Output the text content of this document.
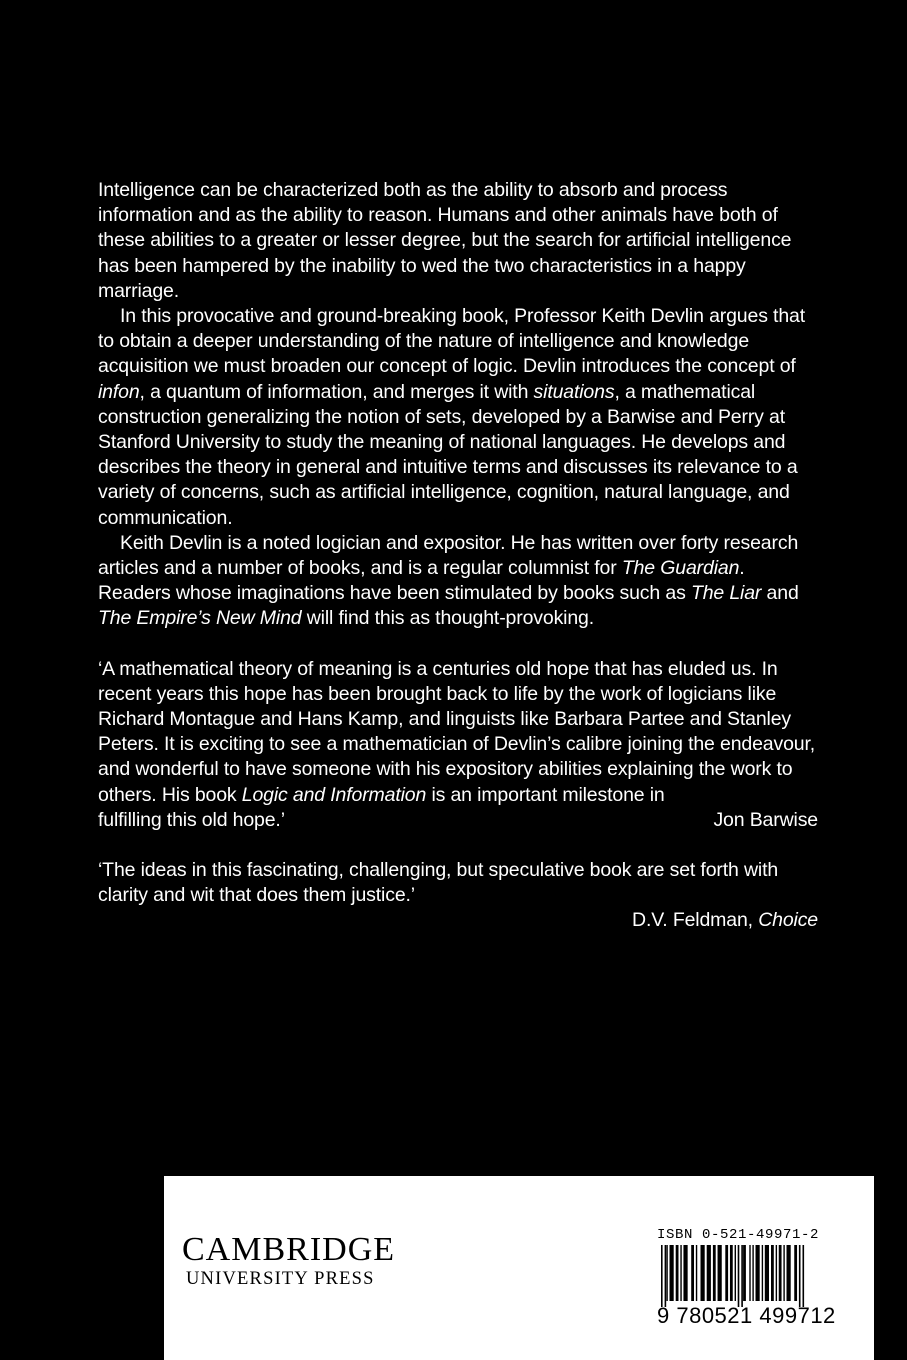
Intelligence can be characterized both as the ability to absorb and process information and as the ability to reason. Humans and other animals have both of these abilities to a greater or lesser degree, but the search for artificial intelligence has been hampered by the inability to wed the two characteristics in a happy marriage.

In this provocative and ground-breaking book, Professor Keith Devlin argues that to obtain a deeper understanding of the nature of intelligence and knowledge acquisition we must broaden our concept of logic. Devlin introduces the concept of infon, a quantum of information, and merges it with situations, a mathematical construction generalizing the notion of sets, developed by a Barwise and Perry at Stanford University to study the meaning of national languages. He develops and describes the theory in general and intuitive terms and discusses its relevance to a variety of concerns, such as artificial intelligence, cognition, natural language, and communication.

Keith Devlin is a noted logician and expositor. He has written over forty research articles and a number of books, and is a regular columnist for The Guardian. Readers whose imaginations have been stimulated by books such as The Liar and The Empire’s New Mind will find this as thought-provoking.

‘A mathematical theory of meaning is a centuries old hope that has eluded us. In recent years this hope has been brought back to life by the work of logicians like Richard Montague and Hans Kamp, and linguists like Barbara Partee and Stanley Peters. It is exciting to see a mathematician of Devlin’s calibre joining the endeavour, and wonderful to have someone with his expository abilities explaining the work to others. His book Logic and Information is an important milestone in

fulfilling this old hope.’	Jon Barwise

‘The ideas in this fascinating, challenging, but speculative book are set forth with clarity and wit that does them justice.’

D.V. Feldman, Choice
CAMBRIDGE
UNIVERSITY PRESS
ISBN 0-521-49971-2
9 780521 499712
